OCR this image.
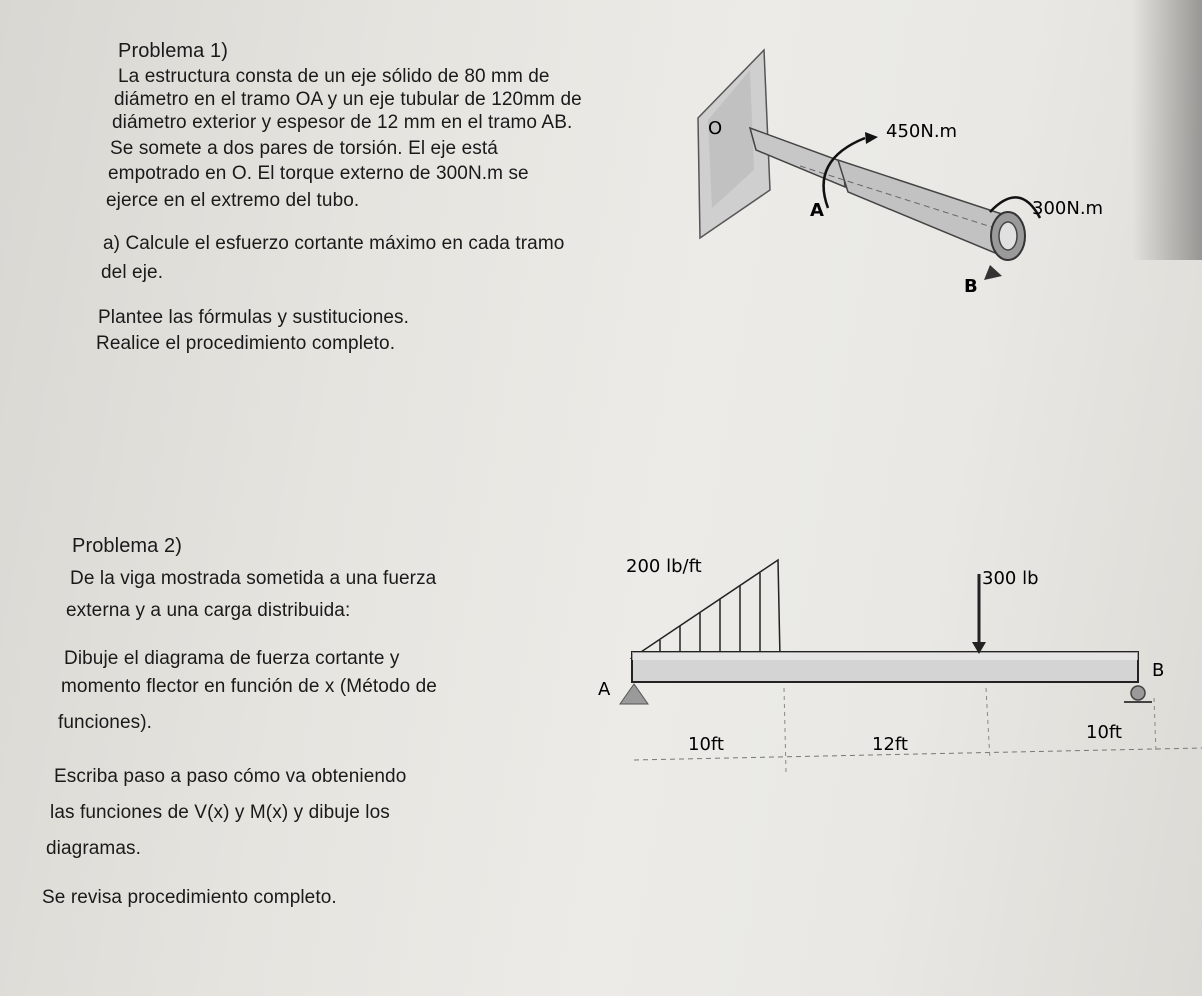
Problema 1)
La estructura consta de un eje sólido de 80 mm de
diámetro en el tramo OA y un eje tubular de 120mm de
diámetro exterior y espesor de 12 mm en el tramo AB.
Se somete a dos pares de torsión. El eje está
empotrado en O. El torque externo de 300N.m se
ejerce en el extremo del tubo.
a) Calcule el esfuerzo cortante máximo en cada tramo
del eje.
Plantee las fórmulas y sustituciones.
Realice el procedimiento completo.
O	450N.m
A	300N.m
B
Problema 2)
De la viga mostrada sometida a una fuerza
externa y a una carga distribuida:
Dibuje el diagrama de fuerza cortante y
momento flector en función de x (Método de
funciones).
Escriba paso a paso cómo va obteniendo
las funciones de V(x) y M(x) y dibuje los
diagramas.
Se revisa procedimiento completo.
200 lb/ft
300 lb
A
B
10ft	12ft
10ft
